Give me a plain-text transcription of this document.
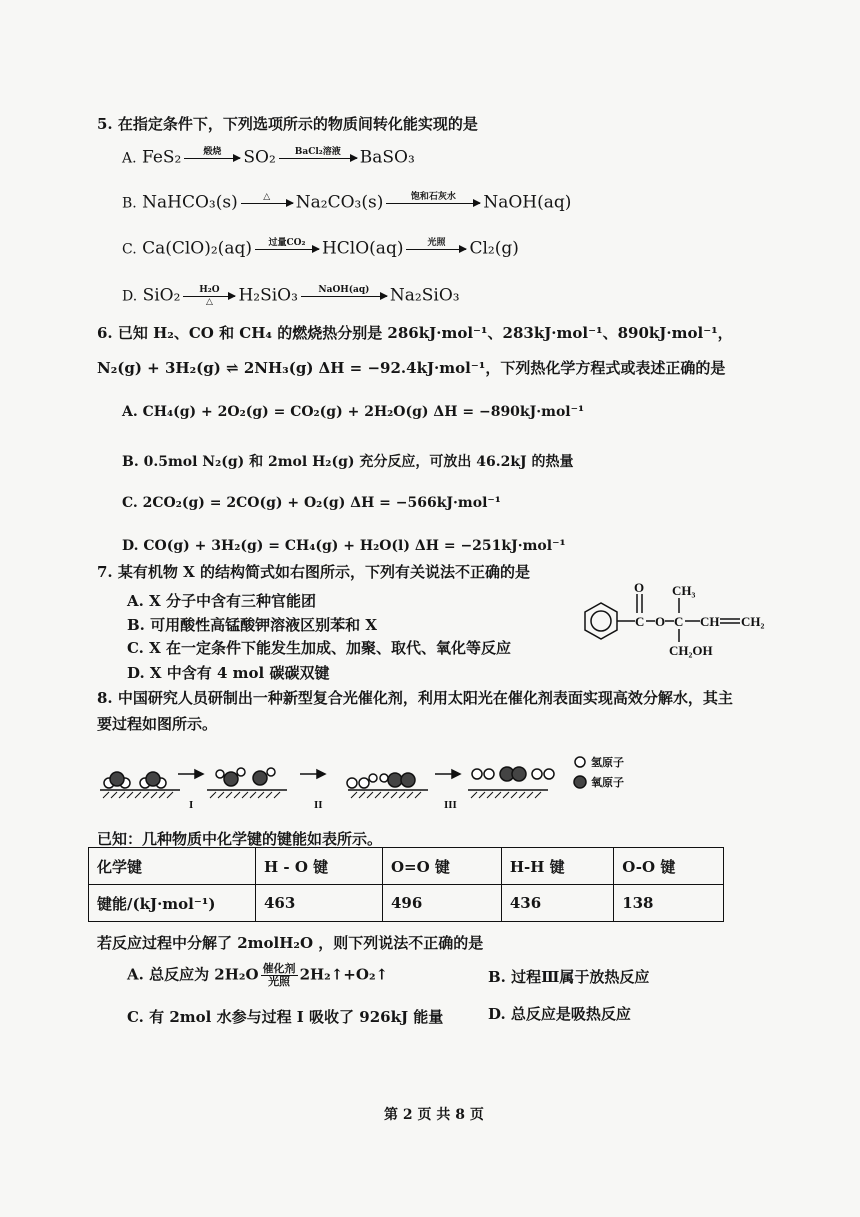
5. 在指定条件下，下列选项所示的物质间转化能实现的是
A. FeS₂	煅烧
	SO₂	BaCl₂溶液
	BaSO₃
B. NaHCO₃(s)	△
	Na₂CO₃(s)	饱和石灰水
	NaOH(aq)
C. Ca(ClO)₂(aq)	过量CO₂
HClO(aq)	光照
	Cl₂(g)
D. SiO₂	H₂O
△	H₂SiO₃	NaOH(aq)
	Na₂SiO₃
6. 已知 H₂、CO 和 CH₄ 的燃烧热分别是 286kJ·mol⁻¹、283kJ·mol⁻¹、890kJ·mol⁻¹，
N₂(g) + 3H₂(g) ⇌ 2NH₃(g) ΔH = −92.4kJ·mol⁻¹，下列热化学方程式或表述正确的是
A. CH₄(g) + 2O₂(g) = CO₂(g) + 2H₂O(g) ΔH = −890kJ·mol⁻¹
B. 0.5mol N₂(g) 和 2mol H₂(g) 充分反应，可放出 46.2kJ 的热量
C. 2CO₂(g) = 2CO(g) + O₂(g) ΔH = −566kJ·mol⁻¹
D. CO(g) + 3H₂(g) = CH₄(g) + H₂O(l) ΔH = −251kJ·mol⁻¹
7. 某有机物 X 的结构简式如右图所示，下列有关说法不正确的是
A. X 分子中含有三种官能团
B. 可用酸性高锰酸钾溶液区别苯和 X
C. X 在一定条件下能发生加成、加聚、取代、氧化等反应
D. X 中含有 4 mol 碳碳双键
O
C O
CH₃
C CH CH₂
CH₂OH
8. 中国研究人员研制出一种新型复合光催化剂，利用太阳光在催化剂表面实现高效分解水，其主
要过程如图所示。
I	II	III
氢原子
氧原子
已知：几种物质中化学键的键能如表所示。
化学键	H - O 键	O=O 键	H-H 键	O-O 键
键能/(kJ·mol⁻¹)	463	496	436	138
若反应过程中分解了 2molH₂O ，则下列说法不正确的是
A. 总反应为 $2H_2O \frac{\text{催化剂}}{\text{光照}}$ 2H₂↑+O₂↑	B. 过程Ⅲ属于放热反应
C. 有 2mol 水参与过程 I 吸收了 926kJ 能量	D. 总反应是吸热反应
第 2 页 共 8 页
